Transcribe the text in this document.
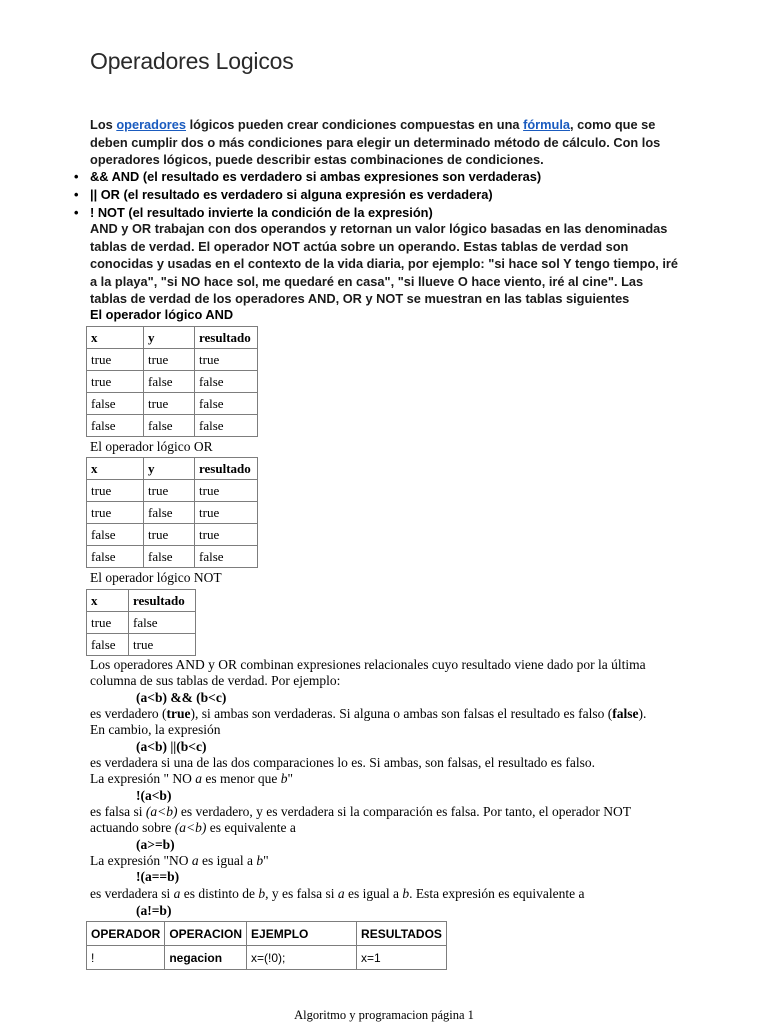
Operadores Logicos
Los operadores lógicos pueden crear condiciones compuestas en una fórmula, como que se deben cumplir dos o más condiciones para elegir un determinado método de cálculo. Con los operadores lógicos, puede describir estas combinaciones de condiciones.
• && AND (el resultado es verdadero si ambas expresiones son verdaderas)
• || OR (el resultado es verdadero si alguna expresión es verdadera)
• ! NOT (el resultado invierte la condición de la expresión)
AND y OR trabajan con dos operandos y retornan un valor lógico basadas en las denominadas tablas de verdad. El operador NOT actúa sobre un operando. Estas tablas de verdad son conocidas y usadas en el contexto de la vida diaria, por ejemplo: "si hace sol Y tengo tiempo, iré a la playa", "si NO hace sol, me quedaré en casa", "si llueve O hace viento, iré al cine". Las tablas de verdad de los operadores AND, OR y NOT se muestran en las tablas siguientes
El operador lógico AND
x	y	resultado
true	true	true
true	false	false
false	true	false
false	false	false
El operador lógico OR
x	y	resultado
true	true	true
true	false	true
false	true	true
false	false	false
El operador lógico NOT
x	resultado
true	false
false	true
Los operadores AND y OR combinan expresiones relacionales cuyo resultado viene dado por la última
columna de sus tablas de verdad. Por ejemplo:
(a<b) && (b<c)
es verdadero (true), si ambas son verdaderas. Si alguna o ambas son falsas el resultado es falso (false).
En cambio, la expresión
(a<b) ||(b<c)
es verdadera si una de las dos comparaciones lo es. Si ambas, son falsas, el resultado es falso.
La expresión " NO a es menor que b"
!(a<b)
es falsa si (a<b) es verdadero, y es verdadera si la comparación es falsa. Por tanto, el operador NOT
actuando sobre (a<b) es equivalente a
(a>=b)
La expresión "NO a es igual a b"
!(a==b)
es verdadera si a es distinto de b, y es falsa si a es igual a b. Esta expresión es equivalente a
(a!=b)
OPERADOR	OPERACION	EJEMPLO	RESULTADOS
!	negacion	x=(!0);	x=1
Algoritmo y programacion página 1
